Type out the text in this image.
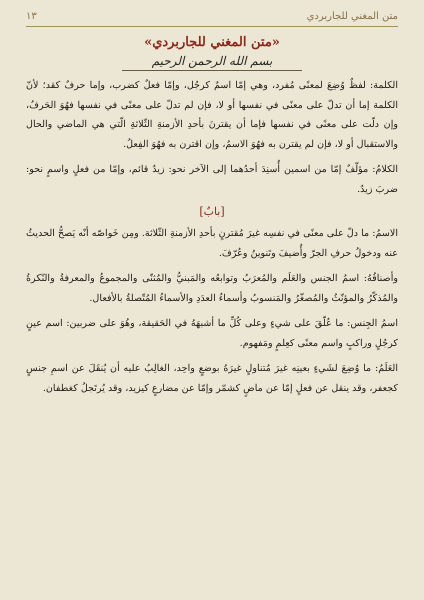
متن المغني للجاربردي
١٣
«متن المغني للجاربردي»
بسم الله الرحمن الرحيم

الكلمة: لفظٌ وُضِعَ لمعنًى مُفرد، وهي إمّا اسمٌ كرجُل، وإمّا فعلٌ كضرب، وإما حرفٌ كقد؛ لأنّ الكلمة إما أن تدلّ على معنًى في نفسها أو لا، فإن لم تدلّ على معنًى في نفسها فهُوَ الحَرفُ، وإن دلّت على معنًى في نفسها فإما أن يقترنَ بأحدِ الأزمنةِ الثّلاثةِ الّتي هي الماضي والحال والاستقبال أو لا، فإن لم يقترن به فهُوَ الاسمُ، وإن اقترن به فهُوَ الفِعلُ.

الكلامُ: مؤلّفٌ إمّا من اسمين أُسنِدَ أحدُهما إلى الآخر نحو: زيدٌ قائم، وإمّا من فعلٍ واسمٍ نحو: ضربَ زيدٌ.

[بابٌ]

الاسمُ: ما دلّ على معنًى في نفسِه غيرَ مُقترنٍ بأحدِ الأزمنةِ الثّلاثة. ومِن خَواصّه أنّه يَصحُّ الحديثُ عنه ودخولُ حرفِ الجرّ وأُضيفَ وتَنوينُ وعُرّفَ.

وأصنافُهُ: اسمُ الجنس والعَلَم والمُعرَبُ وتوابعُه والمَبنيُّ والمُثنّى والمجموعُ والمعرفةُ والنّكرةُ والمُذكّرُ والمؤنّثُ والمُصغّرُ والمَنسوبُ وأسماءُ العدَدِ والأسماءُ المُتّصلةُ بالأفعال.

اسمُ الجِنس: ما عُلّقَ على شيءٍ وعلى كُلِّ ما أشبهَهُ في الحَقيقة، وهُوَ على ضربين: اسم عينٍ كرجُلٍ وراكبٍ واسم معنًى كعِلمٍ ومَفهوم.

العَلَمُ: ما وُضِعَ لشَيءٍ بعينِه غيرَ مُتناولٍ غيرَهُ بوضعٍ واحِد، الغالِبُ عليه أن يُنقَلَ عن اسمِ جنسٍ كجعفر، وقد ينقل عن فعلٍ إمّا عن ماضٍ كشمّر وإمّا عن مضارعٍ كيزيد، وقد يُرتَجلُ كغطفان.
